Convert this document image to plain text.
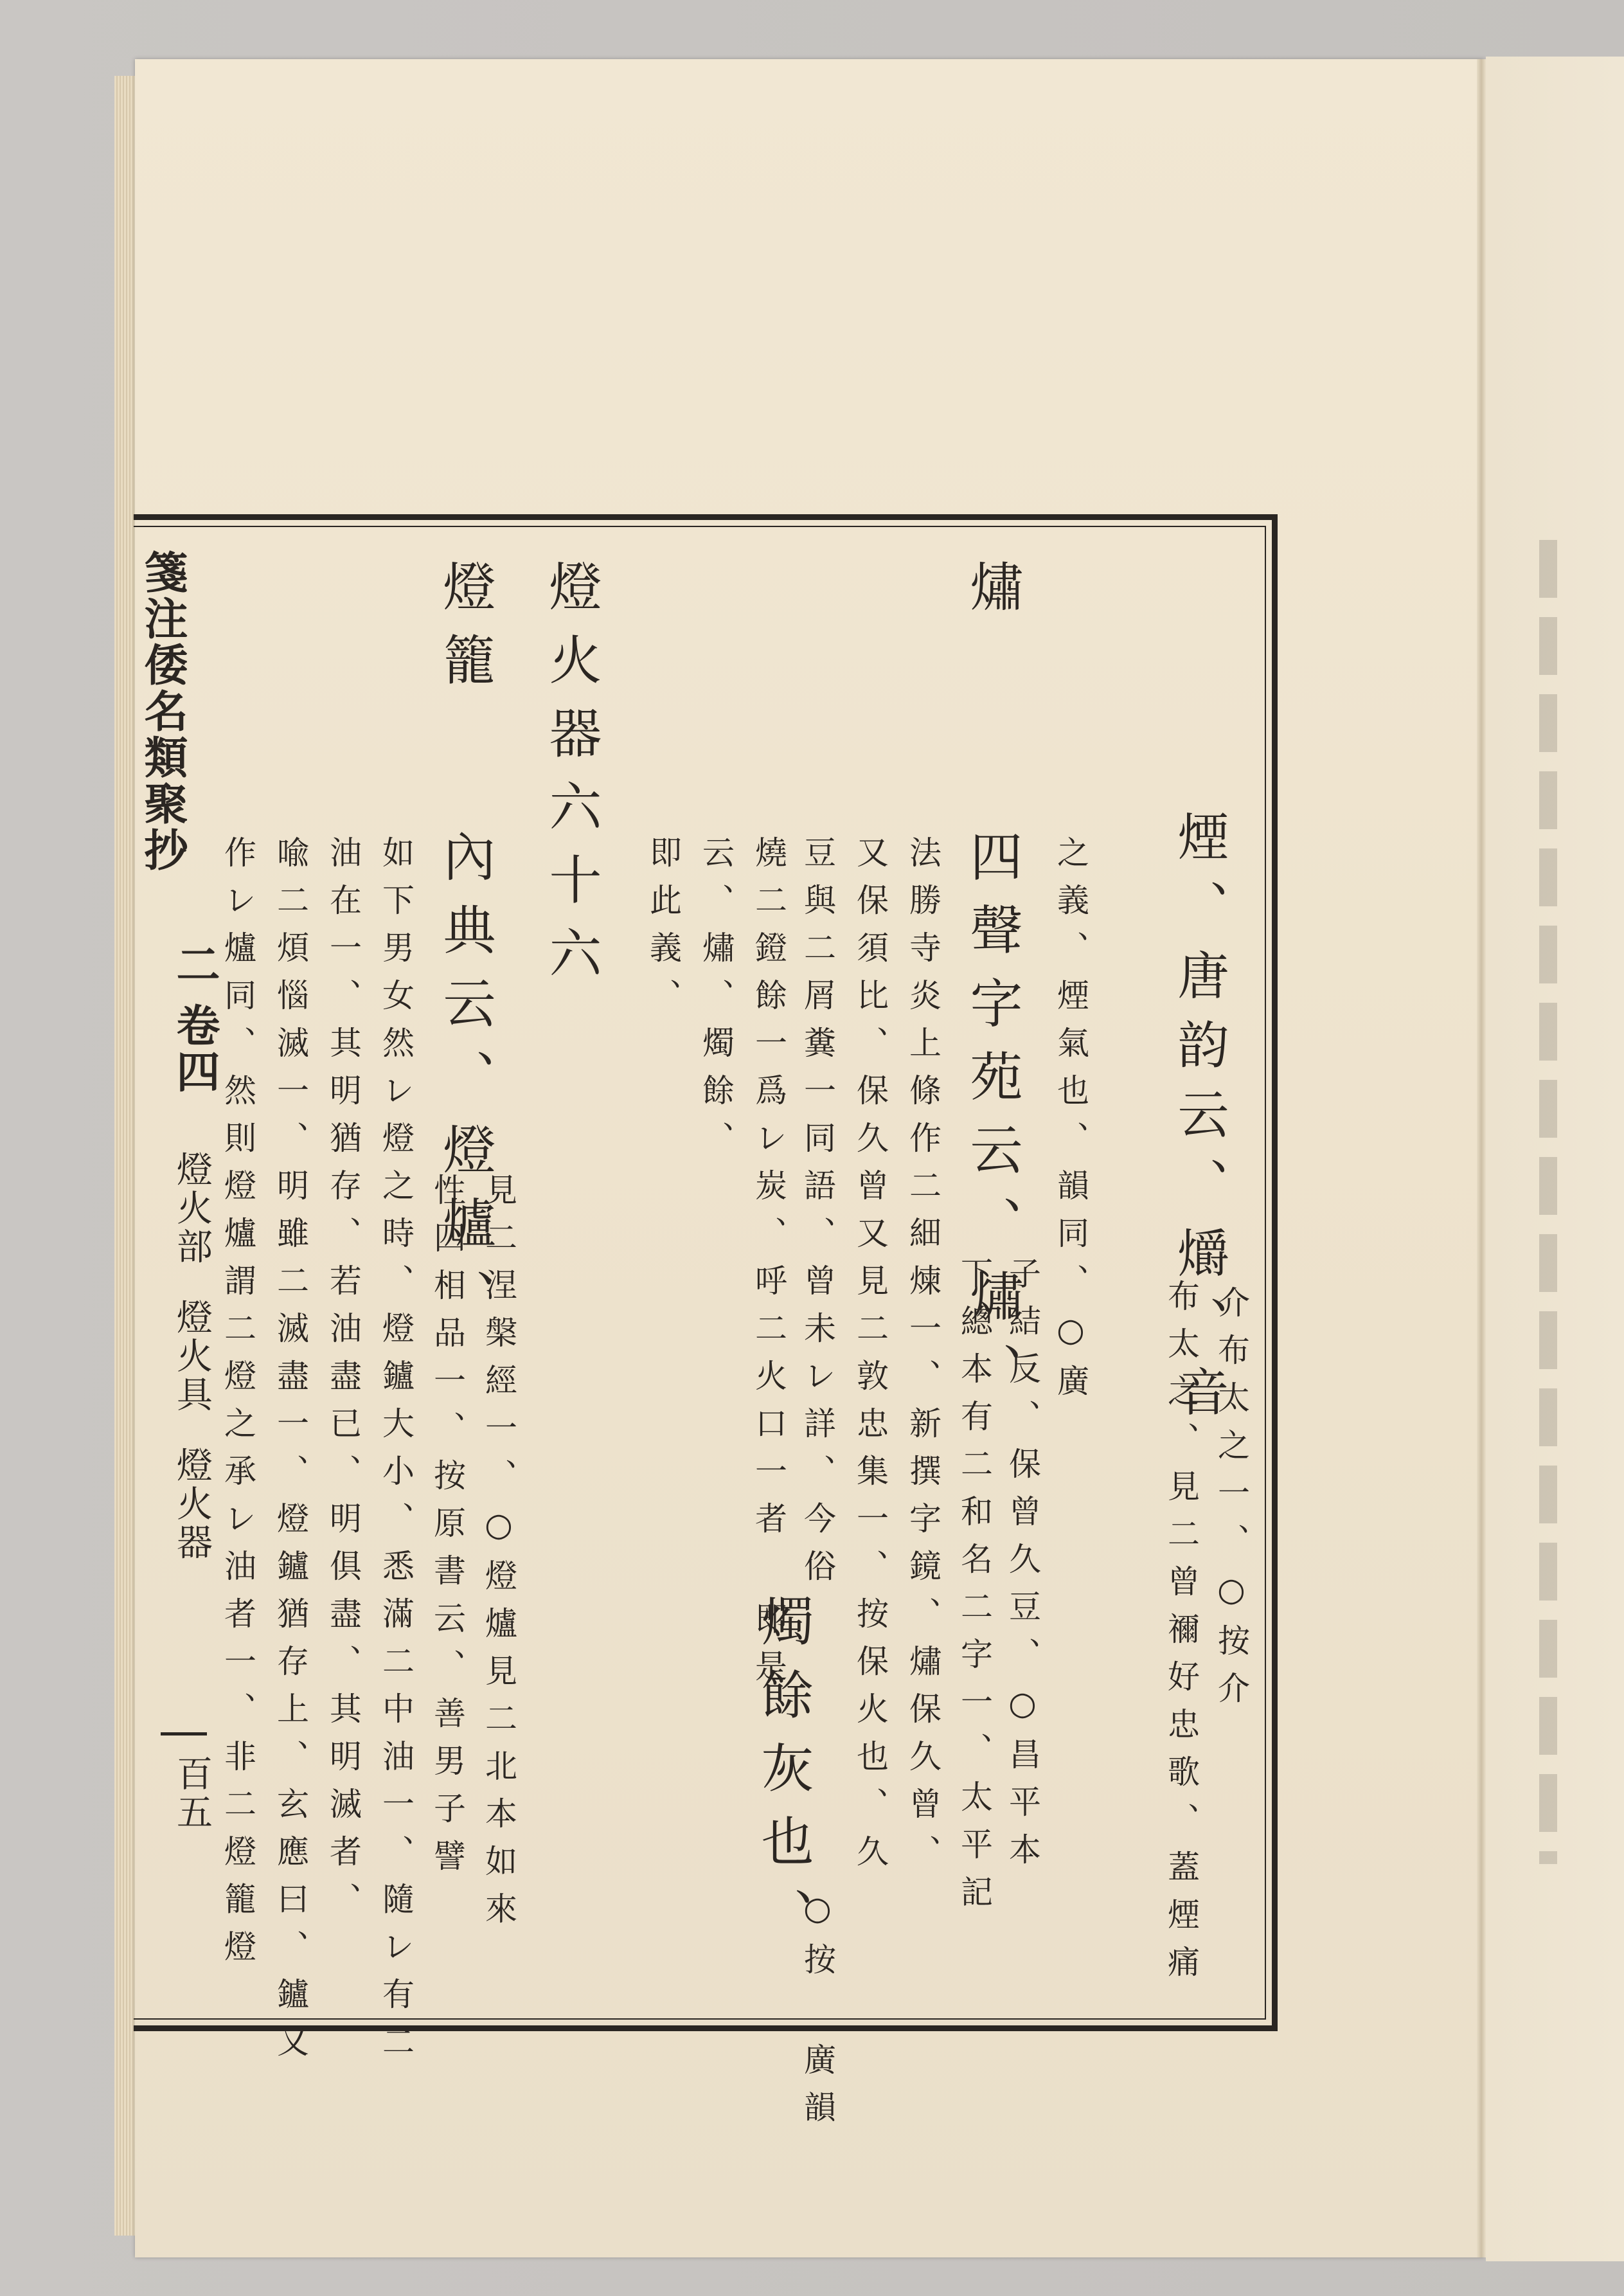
箋注倭名類聚抄
二
卷四
燈火部
燈火具
燈火器
百五
煙、唐韵云、爝、音
介布太之一、○按介
布太之、見二曾禰好忠歌、蓋煙痛
之義、煙氣也、韻同、○廣
熽
四聲字苑云、熽、
子結反、保曾久豆、○昌平本
下總本有二和名二字一、太平記
法勝寺炎上條作二細煉一、新撰字鏡、熽保久曾、
又保須比、保久曾又見二敦忠集一、按保火也、久
豆與二屑糞一同語、曾未レ詳、今俗
燭餘灰也、
○按 廣韻
燒二鐙餘一爲レ炭、呼二火口一者 即是、
云、熽、燭餘、
即此義、
燈火器六十六
燈籠
內典云、燈爐、
見二涅槃經一、○燈爐見二北本如來
性四相品一、按原書云、善男子譬
如下男女然レ燈之時、燈鑪大小、悉滿二中油一、隨レ有二
油在一、其明猶存、若油盡已、明俱盡、其明滅者、
喩二煩惱滅一、明雖二滅盡一、燈鑪猶存上、玄應曰、鑪又
作レ爐同、然則燈爐謂二燈之承レ油者一、非二燈籠燈
